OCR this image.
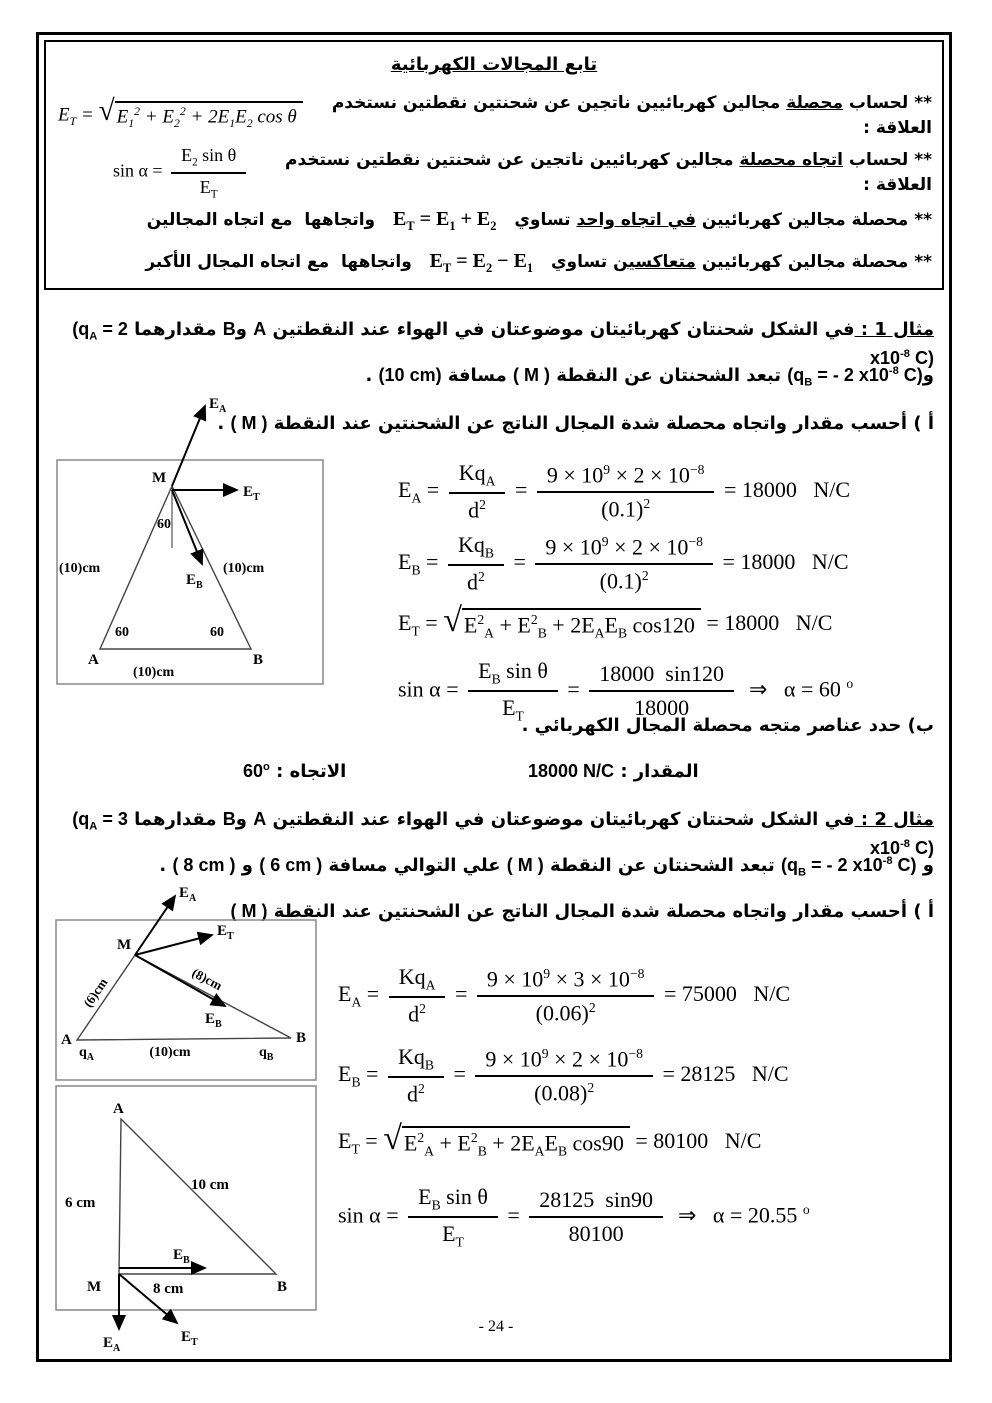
تابع المجالات الكهربائية
** لحساب محصلة مجالين كهربائيين ناتجين عن شحنتين نقطتين نستخدم العلاقة :
$E_T$ = √ $E_1^2 + E_2^2 + 2E_1E_2$ cos θ
** لحساب اتجاه محصلة مجالين كهربائيين ناتجين عن شحنتين نقطتين نستخدم العلاقة :
$\sin \alpha = \frac{E_2 \sin \theta}{E_T}$
** محصلة مجالين كهربائيين في اتجاه واحد تساوي  $E_T = E_1 + E_2$  واتجاهها  مع اتجاه المجالين
** محصلة مجالين كهربائيين متعاكسين تساوي  $E_T = E_2 - E_1$  واتجاهها  مع اتجاه المجال الأكبر
مثال 1 : في الشكل شحنتان كهربائيتان موضوعتان في الهواء عند النقطتين A وB مقدارهما ($q_A = 2$ $x10^{-8}$ C)
$و(q_B$ = - 2 $x10^{-8}$ C) تبعد الشحنتان عن النقطة ( M ) مسافة (10 cm) .
أ ) أحسب مقدار واتجاه محصلة شدة المجال الناتج عن الشحنتين عند النقطة ( M ) .
$E_A$
$E_T$
$E_B$
M
60
60	60
(10)cm	(10)cm
(10)cm
A	B
$E_A = \frac{Kq_A}{d^2} = \frac{9 \times 10^9 \times 2 \times 10^{-8}}{(0.1)^2} = 18000$   N/C
$E_B = \frac{Kq_B}{d^2} = \frac{9 \times 10^9 \times 2 \times 10^{-8}}{(0.1)^2} = 18000$   N/C
$E_T$ = √ $E^2_A + E^2_B + 2E_AE_B$ cos120 = 18000   N/C
$\sin \alpha = \frac{E_B \sin \theta}{E_T} = \frac{18000 \sin 120}{18000}$ ⇒   α = 60 $^o$
ب) حدد عناصر متجه محصلة المجال الكهربائي .
المقدار : 18000 N/C
الاتجاه : 60$^o$
مثال 2 : في الشكل شحنتان كهربائيتان موضوعتان في الهواء عند النقطتين A وB مقدارهما ($q_A = 3$ $x10^{-8}$ C)
و ($q_B$ = - 2 $x10^{-8}$ C) تبعد الشحنتان عن النقطة ( M ) علي التوالي مسافة ( 6 cm ) و ( 8 cm ) .
أ ) أحسب مقدار واتجاه محصلة شدة المجال الناتج عن الشحنتين عند النقطة ( M )
$E_A$
$E_T$
$E_B$
M
(6)cm	(8)cm
(10)cm
A	B
$q_A$	$q_B$
A
6 cm
10 cm
$E_B$
M	8 cm	B
$E_A$
$E_T$
$E_A = \frac{Kq_A}{d^2} = \frac{9 \times 10^9 \times 3 \times 10^{-8}}{(0.06)^2} = 75000$   N/C
$E_B = \frac{Kq_B}{d^2} = \frac{9 \times 10^9 \times 2 \times 10^{-8}}{(0.08)^2} = 28125$   N/C
$E_T$ = √ $E^2_A + E^2_B + 2E_AE_B$ cos90 = 80100   N/C
$\sin \alpha = \frac{E_B \sin \theta}{E_T} = \frac{28125 \sin 90}{80100}$ ⇒   α = 20.55 $^o$
- 24 -
